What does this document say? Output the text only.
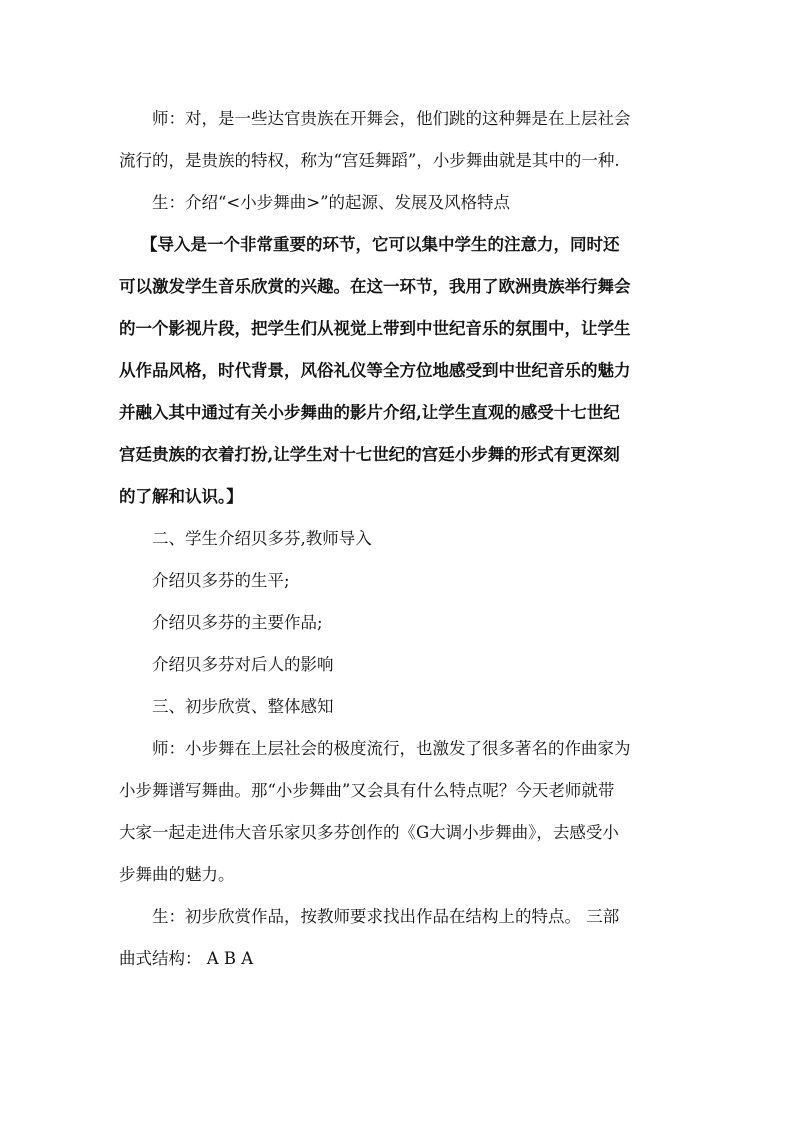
师：对，是一些达官贵族在开舞会，他们跳的这种舞是在上层社会
流行的，是贵族的特权，称为“宫廷舞蹈”，小步舞曲就是其中的一种.

生：介绍“<小步舞曲>”的起源、发展及风格特点

【导入是一个非常重要的环节，它可以集中学生的注意力，同时还
可以激发学生音乐欣赏的兴趣。在这一环节，我用了欧洲贵族举行舞会
的一个影视片段，把学生们从视觉上带到中世纪音乐的氛围中，让学生
从作品风格，时代背景，风俗礼仪等全方位地感受到中世纪音乐的魅力
并融入其中通过有关小步舞曲的影片介绍,让学生直观的感受十七世纪
宫廷贵族的衣着打扮,让学生对十七世纪的宫廷小步舞的形式有更深刻
的了解和认识。】

二、学生介绍贝多芬,教师导入

介绍贝多芬的生平;

介绍贝多芬的主要作品;

介绍贝多芬对后人的影响

三、初步欣赏、整体感知

师：小步舞在上层社会的极度流行，也激发了很多著名的作曲家为
小步舞谱写舞曲。那“小步舞曲”又会具有什么特点呢？今天老师就带
大家一起走进伟大音乐家贝多芬创作的《G大调小步舞曲》，去感受小
步舞曲的魅力。

生：初步欣赏作品，按教师要求找出作品在结构上的特点。 三部
曲式结构： A B A
